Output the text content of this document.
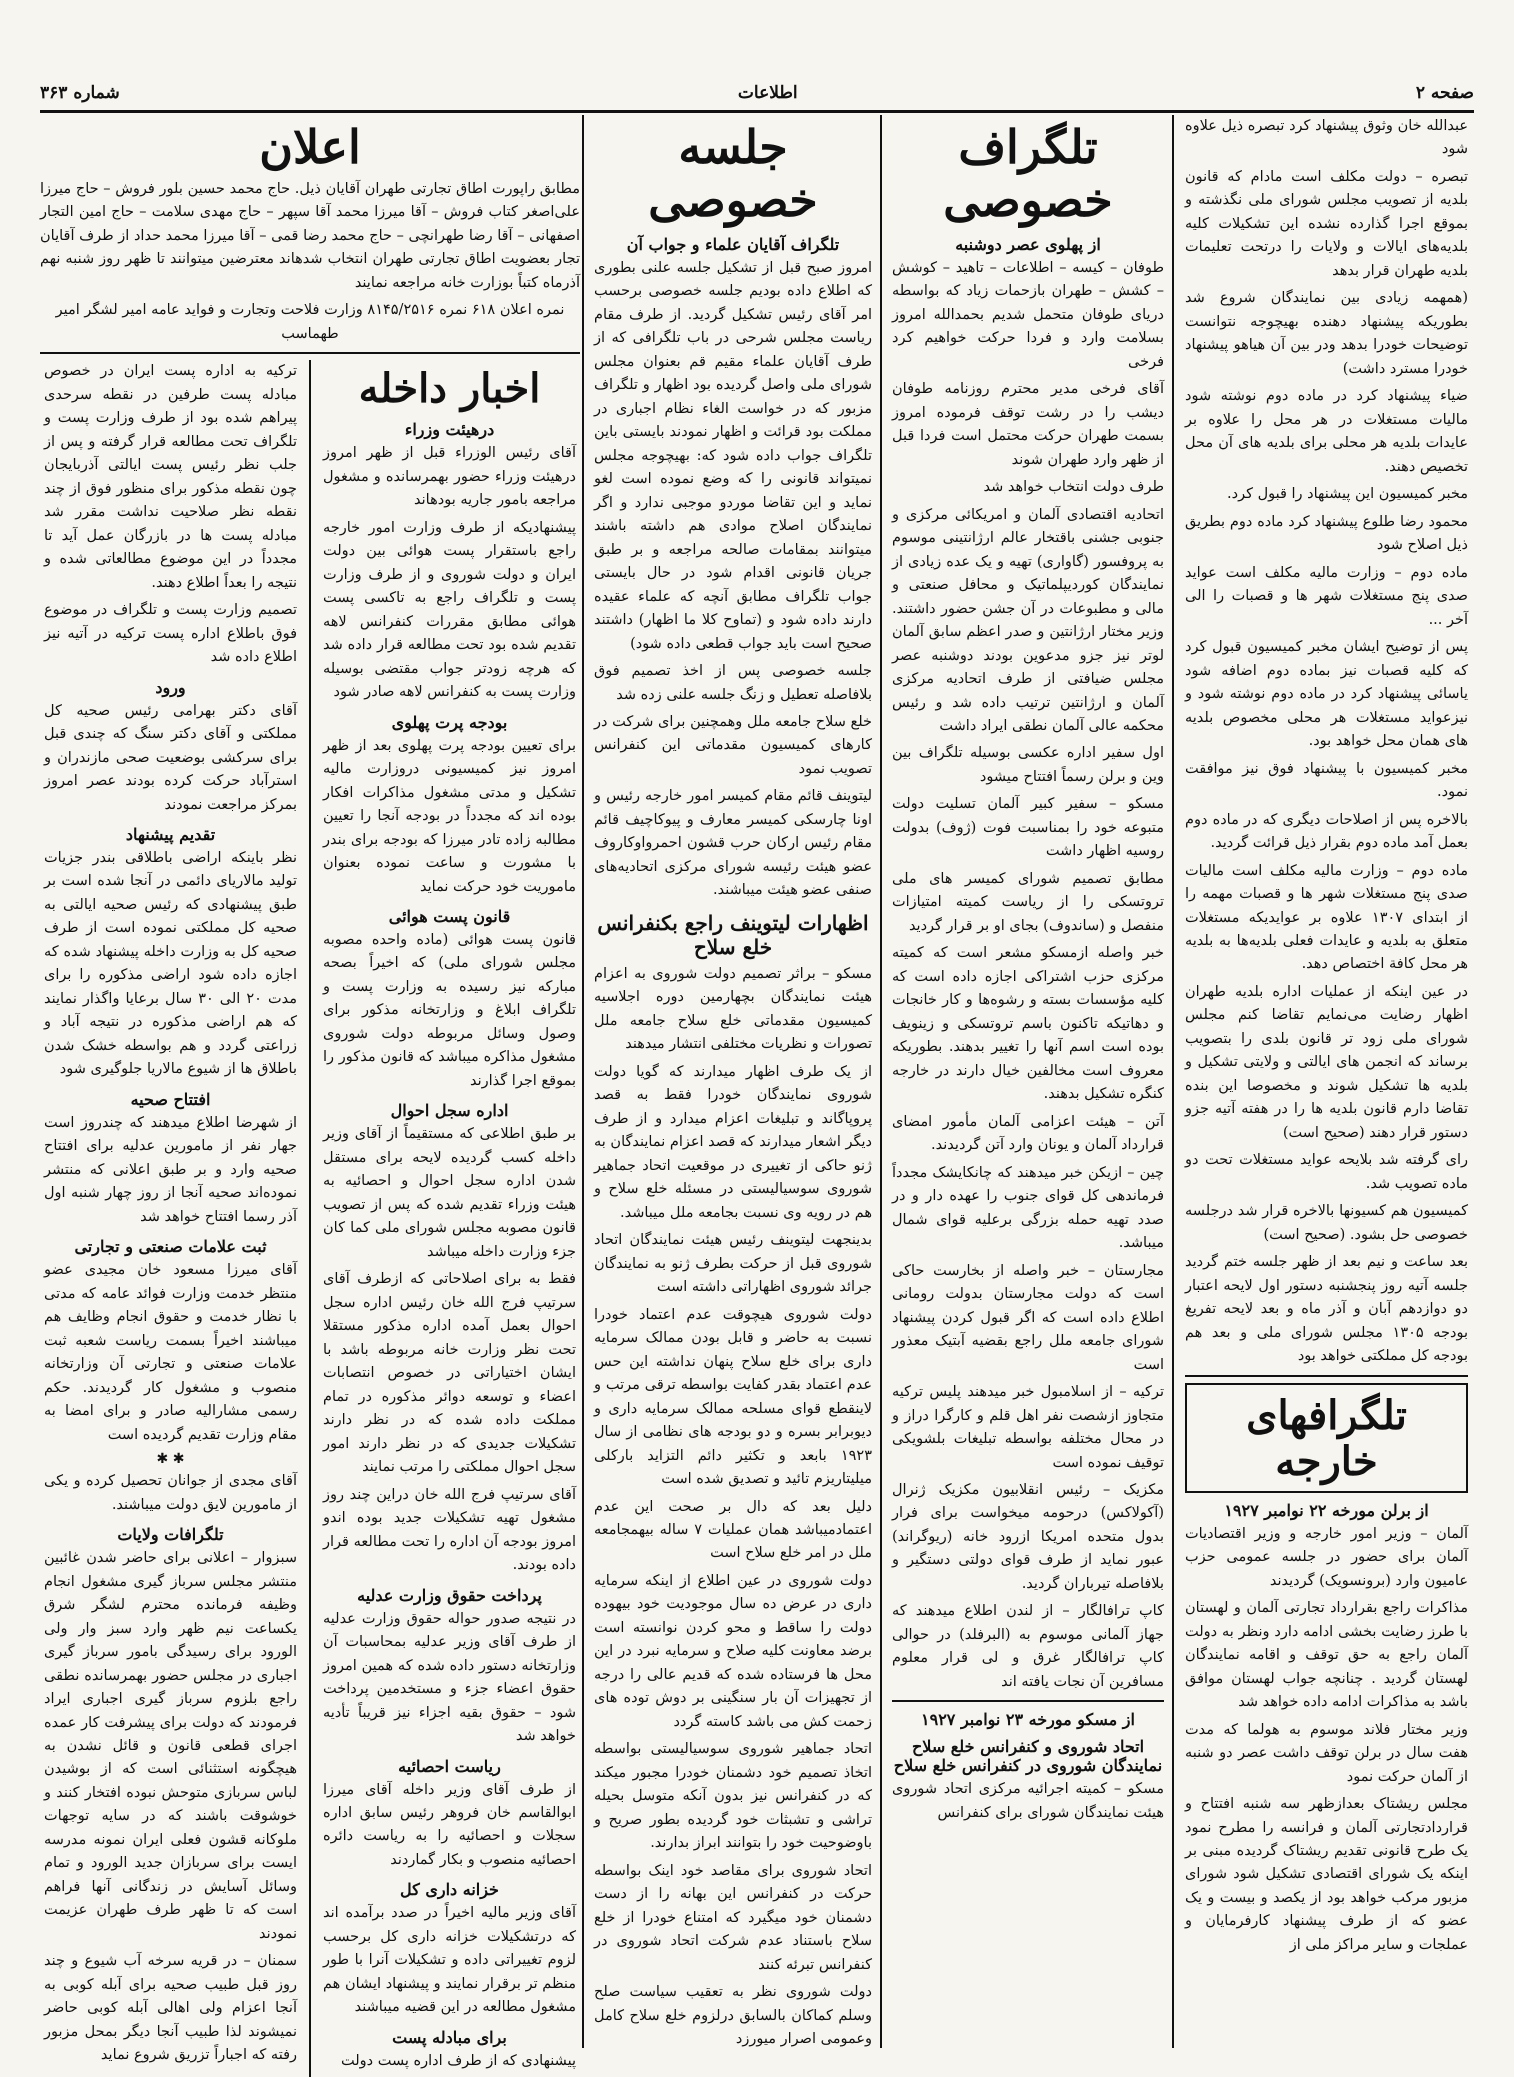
صفحه ۲
اطلاعات
شماره ۳۶۳

عبدالله خان وثوق پیشنهاد کرد تبصره ذیل علاوه شود

تبصره – دولت مکلف است مادام که قانون بلدیه از تصویب مجلس شورای ملی نگذشته و بموقع اجرا گذارده نشده این تشکیلات کلیه بلدیه‌های ایالات و ولایات را درتحت تعلیمات بلدیه طهران قرار بدهد

(همهمه زیادی بین نمایندگان شروع شد بطوریکه پیشنهاد دهنده بهیچوجه نتوانست توضیحات خودرا بدهد ودر بین آن هیاهو پیشنهاد خودرا مسترد داشت)

ضیاء پیشنهاد کرد در ماده دوم نوشته شود مالیات مستغلات در هر محل را علاوه بر عایدات بلدیه هر محلی برای بلدیه های آن محل تخصیص دهند.

مخبر کمیسیون این پیشنهاد را قبول کرد.

محمود رضا طلوع پیشنهاد کرد ماده دوم بطریق ذیل اصلاح شود

ماده دوم – وزارت مالیه مکلف است عواید صدی پنج مستغلات شهر ها و قصبات را الی آخر ...

پس از توضیح ایشان مخبر کمیسیون قبول کرد که کلیه قصبات نیز بماده دوم اضافه شود یاسائی پیشنهاد کرد در ماده دوم نوشته شود و نیزعواید مستغلات هر محلی مخصوص بلدیه های همان محل خواهد بود.

مخبر کمیسیون با پیشنهاد فوق نیز موافقت نمود.

بالاخره پس از اصلاحات دیگری که در ماده دوم بعمل آمد ماده دوم بقرار ذیل قرائت گردید.

ماده دوم – وزارت مالیه مکلف است مالیات صدی پنج مستغلات شهر ها و قصبات مهمه را از ابتدای ۱۳۰۷ علاوه بر عوایدیکه مستغلات متعلق به بلدیه و عایدات فعلی بلدیه‌ها به بلدیه هر محل کافة اختصاص دهد.

در عین اینکه از عملیات اداره بلدیه طهران اظهار رضایت می‌نمایم تقاضا کنم مجلس شورای ملی زود تر قانون بلدی را بتصویب برساند که انجمن های ایالتی و ولایتی تشکیل و بلدیه ها تشکیل شوند و مخصوصا این بنده تقاضا دارم قانون بلدیه ها را در هفته آتیه جزو دستور قرار دهند (صحیح است)

رای گرفته شد بلایحه عواید مستغلات تحت دو ماده تصویب شد.

کمیسیون هم کسیونها بالاخره قرار شد درجلسه خصوصی حل بشود. (صحیح است)

بعد ساعت و نیم بعد از ظهر جلسه ختم گردید جلسه آتیه روز پنجشنبه دستور اول لایحه اعتبار دو دوازدهم آبان و آذر ماه و بعد لایحه تفریغ بودجه ۱۳۰۵ مجلس شورای ملی و بعد هم بودجه کل مملکتی خواهد بود

تلگرافهای خارجه
از برلن مورخه ۲۲ نوامبر ۱۹۲۷

آلمان – وزیر امور خارجه و وزیر اقتصادیات آلمان برای حضور در جلسه عمومی حزب عامیون وارد (برونسویک) گردیدند

مذاکرات راجع بقرارداد تجارتی آلمان و لهستان با طرز رضایت بخشی ادامه دارد ونظر به دولت آلمان راجع به حق توقف و اقامه نمایندگان لهستان گردید . چنانچه جواب لهستان موافق باشد به مذاکرات ادامه داده خواهد شد

وزیر مختار فلاند موسوم به هولما که مدت هفت سال در برلن توقف داشت عصر دو شنبه از آلمان حرکت نمود

مجلس ریشتاک بعدازظهر سه شنبه افتتاح و قراردادتجارتی آلمان و فرانسه را مطرح نمود یک طرح قانونی تقدیم ریشتاک گردیده مبنی بر اینکه یک شورای اقتصادی تشکیل شود شورای مزبور مرکب خواهد بود از یکصد و بیست و یک عضو که از طرف پیشنهاد کارفرمایان و عملجات و سایر مراکز ملی از

تلگراف خصوصی
از پهلوی عصر دوشنبه

طوفان – کیسه – اطلاعات – تاهید – کوشش – کشش – طهران بازحمات زیاد که بواسطه دریای طوفان متحمل شدیم بحمدالله امروز بسلامت وارد و فردا حرکت خواهیم کرد فرخی

آقای فرخی مدیر محترم روزنامه طوفان دیشب را در رشت توقف فرموده امروز بسمت طهران حرکت محتمل است فردا قبل از ظهر وارد طهران شوند

طرف دولت انتخاب خواهد شد

اتحادیه اقتصادی آلمان و امریکائی مرکزی و جنوبی جشنی باقتخار عالم ارژانتینی موسوم به پروفسور (گاواری) تهیه و یک عده زیادی از نمایندگان کوردیپلماتیک و محافل صنعتی و مالی و مطبوعات در آن جشن حضور داشتند. وزیر مختار ارژانتین و صدر اعظم سابق آلمان لوتر نیز جزو مدعوین بودند دوشنبه عصر مجلس ضیافتی از طرف اتحادیه مرکزی آلمان و ارژانتین ترتیب داده شد و رئیس محکمه عالی آلمان نطقی ایراد داشت

اول سفیر اداره عکسی بوسیله تلگراف بین وین و برلن رسماً افتتاح میشود

مسکو – سفیر کبیر آلمان تسلیت دولت متبوعه خود را بمناسبت فوت (ژوف) بدولت روسیه اظهار داشت

مطابق تصمیم شورای کمیسر های ملی تروتسکی را از ریاست کمیته امتیازات منفصل و (ساندوف) بجای او بر قرار گردید

خبر واصله ازمسکو مشعر است که کمیته مرکزی حزب اشتراکی اجازه داده است که کلیه مؤسسات بسته و رشوه‌ها و کار خانجات و دهاتیکه تاکنون باسم تروتسکی و زینویف بوده است اسم آنها را تغییر بدهند. بطوریکه معروف است مخالفین خیال دارند در خارجه کنگره تشکیل بدهند.

آتن – هیئت اعزامی آلمان مأمور امضای قرارداد آلمان و یونان وارد آتن گردیدند.

چین – ازیکن خبر میدهند که چانکایشک مجدداً فرماندهی کل قوای جنوب را عهده دار و در صدد تهیه حمله بزرگی برعلیه قوای شمال میباشد.

مجارستان – خبر واصله از بخارست حاکی است که دولت مجارستان بدولت رومانی اطلاع داده است که اگر قبول کردن پیشنهاد شورای جامعه ملل راجع بقضیه آبتیک معذور است

ترکیه – از اسلامبول خبر میدهند پلیس ترکیه متجاوز ازشصت نفر اهل قلم و کارگرا دراز و در محال مختلفه بواسطه تبلیغات بلشویکی توقیف نموده است

مکزیک – رئیس انقلابیون مکزیک ژنرال (آکولاکس) درحومه میخواست برای فرار بدول متحده امریکا ازرود خانه (ریوگراند) عبور نماید از طرف قوای دولتی دستگیر و بلافاصله تیرباران گردید.

کاپ ترافالگار – از لندن اطلاع میدهند که جهاز آلمانی موسوم به (البرفلد) در حوالی کاپ ترافالگار غرق و لی قرار معلوم مسافرین آن نجات یافته اند

از مسکو مورخه ۲۳ نوامبر ۱۹۲۷
اتحاد شوروی و کنفرانس خلع سلاح نمایندگان شوروی در کنفرانس خلع سلاح

مسکو – کمیته اجرائیه مرکزی اتحاد شوروی هیئت نمایندگان شورای برای کنفرانس

جلسه خصوصی
تلگراف آقایان علماء و جواب آن

امروز صبح قبل از تشکیل جلسه علنی بطوری که اطلاع داده بودیم جلسه خصوصی برحسب امر آقای رئیس تشکیل گردید. از طرف مقام ریاست مجلس شرحی در باب تلگرافی که از طرف آقایان علماء مقیم قم بعنوان مجلس شورای ملی واصل گردیده بود اظهار و تلگراف مزبور که در خواست الغاء نظام اجباری در مملکت بود قرائت و اظهار نمودند بایستی باین تلگراف جواب داده شود که: بهیچوجه مجلس نمیتواند قانونی را که وضع نموده است لغو نماید و این تقاضا موردو موجبی ندارد و اگر نمایندگان اصلاح موادی هم داشته باشند میتوانند بمقامات صالحه مراجعه و بر طبق جریان قانونی اقدام شود در حال بایستی جواب تلگراف مطابق آنچه که علماء عقیده دارند داده شود و (تماوح کلا ما اظهار) داشتند صحیح است باید جواب قطعی داده شود)

جلسه خصوصی پس از اخذ تصمیم فوق بلافاصله تعطیل و زنگ جلسه علنی زده شد

خلع سلاح جامعه ملل وهمچنین برای شرکت در کارهای کمیسیون مقدماتی این کنفرانس تصویب نمود

لیتوینف قائم مقام کمیسر امور خارجه رئیس و اونا چارسکی کمیسر معارف و پیوکاچیف قائم مقام رئیس ارکان حرب قشون احمرواوکاروف عضو هیئت رئیسه شورای مرکزی اتحادیه‌های صنفی عضو هیئت میباشند.

اظهارات لیتوینف راجع بکنفرانس خلع سلاح

مسکو – براثر تصمیم دولت شوروی به اعزام هیئت نمایندگان بچهارمین دوره اجلاسیه کمیسیون مقدماتی خلع سلاح جامعه ملل تصورات و نظریات مختلفی انتشار میدهند

از یک طرف اظهار میدارند که گویا دولت شوروی نمایندگان خودرا فقط به قصد پروپاگاند و تبلیغات اعزام میدارد و از طرف دیگر اشعار میدارند که قصد اعزام نمایندگان به ژنو حاکی از تغییری در موقعیت اتحاد جماهیر شوروی سوسیالیستی در مسئله خلع سلاح و هم در رویه وی نسبت بجامعه ملل میباشد.

بدینجهت لیتوینف رئیس هیئت نمایندگان اتحاد شوروی قبل از حرکت بطرف ژنو به نمایندگان جرائد شوروی اظهاراتی داشته است

دولت شوروی هیچوقت عدم اعتماد خودرا نسبت به حاضر و قابل بودن ممالک سرمایه داری برای خلع سلاح پنهان نداشته این حس عدم اعتماد بقدر کفایت بواسطه ترقی مرتب و لاینقطع قوای مسلحه ممالک سرمایه داری و دیوبرابر بسره و دو بودجه های نظامی از سال ۱۹۲۳ بابعد و تکثیر دائم التزاید بارکلی میلیتاریزم تائید و تصدیق شده است

دلیل بعد که دال بر صحت این عدم اعتمادمیباشد همان عملیات ۷ ساله بیهمجامعه ملل در امر خلع سلاح است

دولت شوروی در عین اطلاع از اینکه سرمایه داری در عرض ده سال موجودیت خود بیهوده دولت را ساقط و محو کردن نوانسته است برضد معاونت کلیه صلاح و سرمایه نبرد در این محل ها فرستاده شده که قدیم عالی را درجه از تجهیزات آن بار سنگینی بر دوش توده های زحمت کش می باشد کاسته گردد

اتحاد جماهیر شوروی سوسیالیستی بواسطه اتخاذ تصمیم خود دشمنان خودرا مجبور میکند که در کنفرانس نیز بدون آنکه متوسل بحیله تراشی و تشبثات خود گردیده بطور صریح و باوضوحیت خود را بتوانند ابراز بدارند.

اتحاد شوروی برای مقاصد خود اینک بواسطه حرکت در کنفرانس این بهانه را از دست دشمنان خود میگیرد که امتناع خودرا از خلع سلاح باستناد عدم شرکت اتحاد شوروی در کنفرانس تبرئه کنند

دولت شوروی نظر به تعقیب سیاست صلح وسلم کماکان بالسابق درلزوم خلع سلاح کامل وعمومی اصرار میورزد

اعلان

مطابق راپورت اطاق تجارتی طهران آقایان ذیل. حاج محمد حسین بلور فروش – حاج میرزا علی‌اصغر کتاب فروش – آقا میرزا محمد آقا سپهر – حاج مهدی سلامت – حاج امین التجار اصفهانی – آقا رضا طهرانچی – حاج محمد رضا قمی – آقا میرزا محمد حداد از طرف آقایان تجار بعضویت اطاق تجارتی طهران انتخاب شدهاند معترضین میتوانند تا ظهر روز شنبه نهم آذرماه کتباً بوزارت خانه مراجعه نمایند

نمره اعلان ۶۱۸ نمره ۸۱۴۵/۲۵۱۶ وزارت فلاحت وتجارت و فواید عامه امیر لشگر امیر طهماسب

اخبار داخله
درهیئت وزراء

آقای رئیس الوزراء قبل از ظهر امروز درهیئت وزراء حضور بهمرسانده و مشغول مراجعه بامور جاریه بودهاند

پیشنهادیکه از طرف وزارت امور خارجه راجع باستقرار پست هوائی بین دولت ایران و دولت شوروی و از طرف وزارت پست و تلگراف راجع به تاکسی پست هوائی مطابق مقررات کنفرانس لاهه تقدیم شده بود تحت مطالعه قرار داده شد که هرچه زودتر جواب مقتضی بوسیله وزارت پست به کنفرانس لاهه صادر شود

بودجه پرت پهلوی

برای تعیین بودجه پرت پهلوی بعد از ظهر امروز نیز کمیسیونی دروزارت مالیه تشکیل و مدتی مشغول مذاکرات افکار بوده اند که مجدداً در بودجه آنجا را تعیین مطالبه زاده تادر میرزا که بودجه برای بندر با مشورت و ساعت نموده بعنوان ماموریت خود حرکت نماید

قانون پست هوائی

قانون پست هوائی (ماده واحده مصوبه مجلس شورای ملی) که اخیراً بصحه مبارکه نیز رسیده به وزارت پست و تلگراف ابلاغ و وزارتخانه مذکور برای وصول وسائل مربوطه دولت شوروی مشغول مذاکره میباشد که قانون مذکور را بموقع اجرا گذارند

اداره سجل احوال

بر طبق اطلاعی که مستقیماً از آقای وزیر داخله کسب گردیده لایحه برای مستقل شدن اداره سجل احوال و احصائیه به هیئت وزراء تقدیم شده که پس از تصویب قانون مصوبه مجلس شورای ملی کما کان جزء وزارت داخله میباشد

فقط به برای اصلاحاتی که ازطرف آقای سرتیپ فرج الله خان رئیس اداره سجل احوال بعمل آمده اداره مذکور مستقلا تحت نظر وزارت خانه مربوطه باشد با ایشان اختیاراتی در خصوص انتصابات اعضاء و توسعه دوائر مذکوره در تمام مملکت داده شده که در نظر دارند تشکیلات جدیدی که در نظر دارند امور سجل احوال مملکتی را مرتب نمایند

آقای سرتیپ فرج الله خان دراین چند روز مشغول تهیه تشکیلات جدید بوده اندو امروز بودجه آن اداره را تحت مطالعه قرار داده بودند.

پرداخت حقوق وزارت عدلیه

در نتیجه صدور حواله حقوق وزارت عدلیه از طرف آقای وزیر عدلیه بمحاسبات آن وزارتخانه دستور داده شده که همین امروز حقوق اعضاء جزء و مستخدمین پرداخت شود – حقوق بقیه اجزاء نیز قریباً تأدیه خواهد شد

ریاست احصائیه

از طرف آقای وزیر داخله آقای میرزا ابوالقاسم خان فروهر رئیس سابق اداره سجلات و احصائیه را به ریاست دائره احصائیه منصوب و بکار گماردند

خزانه داری کل

آقای وزیر مالیه اخیراً در صدد برآمده اند که درتشکیلات خزانه داری کل برحسب لزوم تغییراتی داده و تشکیلات آنرا با طور منظم تر برقرار نمایند و پیشنهاد ایشان هم مشغول مطالعه در این قضیه میباشند

برای مبادله پست

پیشنهادی که از طرف اداره پست دولت

ترکیه به اداره پست ایران در خصوص مبادله پست طرفین در نقطه سرحدی پیراهم شده بود از طرف وزارت پست و تلگراف تحت مطالعه قرار گرفته و پس از جلب نظر رئیس پست ایالتی آذربایجان چون نقطه مذکور برای منظور فوق از چند نقطه نظر صلاحیت نداشت مقرر شد مبادله پست ها در بازرگان عمل آید تا مجدداً در این موضوع مطالعاتی شده و نتیجه را بعداً اطلاع دهند.

تصمیم وزارت پست و تلگراف در موضوع فوق باطلاع اداره پست ترکیه در آتیه نیز اطلاع داده شد

ورود

آقای دکتر بهرامی رئیس صحیه کل مملکتی و آقای دکتر سنگ که چندی قبل برای سرکشی بوضعیت صحی مازندران و استرآباد حرکت کرده بودند عصر امروز بمرکز مراجعت نمودند

تقدیم پیشنهاد

نظر باینکه اراضی باطلاقی بندر جزیات تولید مالاریای دائمی در آنجا شده است بر طبق پیشنهادی که رئیس صحیه ایالتی به صحیه کل مملکتی نموده است از طرف صحیه کل به وزارت داخله پیشنهاد شده که اجازه داده شود اراضی مذکوره را برای مدت ۲۰ الی ۳۰ سال برعایا واگذار نمایند که هم اراضی مذکوره در نتیجه آباد و زراعتی گردد و هم بواسطه خشک شدن باطلاق ها از شیوع مالاریا جلوگیری شود

افتتاح صحیه

از شهرضا اطلاع میدهند که چندروز است جهار نفر از مامورین عدلیه برای افتتاح صحیه وارد و بر طبق اعلانی که منتشر نموده‌اند صحیه آنجا از روز چهار شنبه اول آذر رسما افتتاح خواهد شد

ثبت علامات صنعتی و تجارتی

آقای میرزا مسعود خان مجیدی عضو منتظر خدمت وزارت فوائد عامه که مدتی با نظار خدمت و حقوق انجام وظایف هم میباشند اخیراً بسمت ریاست شعبه ثبت علامات صنعتی و تجارتی آن وزارتخانه منصوب و مشغول کار گردیدند. حکم رسمی مشارالیه صادر و برای امضا به مقام وزارت تقدیم گردیده است

✱ ✱

آقای مجدی از جوانان تحصیل کرده و یکی از مامورین لایق دولت میباشند.

تلگرافات ولایات

سبزوار – اعلانی برای حاضر شدن غائبین منتشر مجلس سرباز گیری مشغول انجام وظیفه فرمانده محترم لشگر شرق یکساعت نیم ظهر وارد سبز وار ولی الورود برای رسیدگی بامور سرباز گیری اجباری در مجلس حضور بهمرسانده نطقی راجع بلزوم سرباز گیری اجباری ایراد فرمودند که دولت برای پیشرفت کار عمده اجرای قطعی قانون و قائل نشدن به هیچگونه استثنائی است که از بوشیدن لباس سربازی متوحش نبوده افتخار کنند و خوشوقت باشند که در سایه توجهات ملوکانه قشون فعلی ایران نمونه مدرسه ایست برای سربازان جدید الورود و تمام وسائل آسایش در زندگانی آنها فراهم است که تا ظهر طرف طهران عزیمت نمودند

سمنان – در قریه سرخه آب شیوع و چند روز قبل طبیب صحیه برای آبله کوبی به آنجا اعزام ولی اهالی آبله کوبی حاضر نمیشوند لذا طبیب آنجا دیگر بمحل مزبور رفته که اجباراً تزریق شروع نماید
